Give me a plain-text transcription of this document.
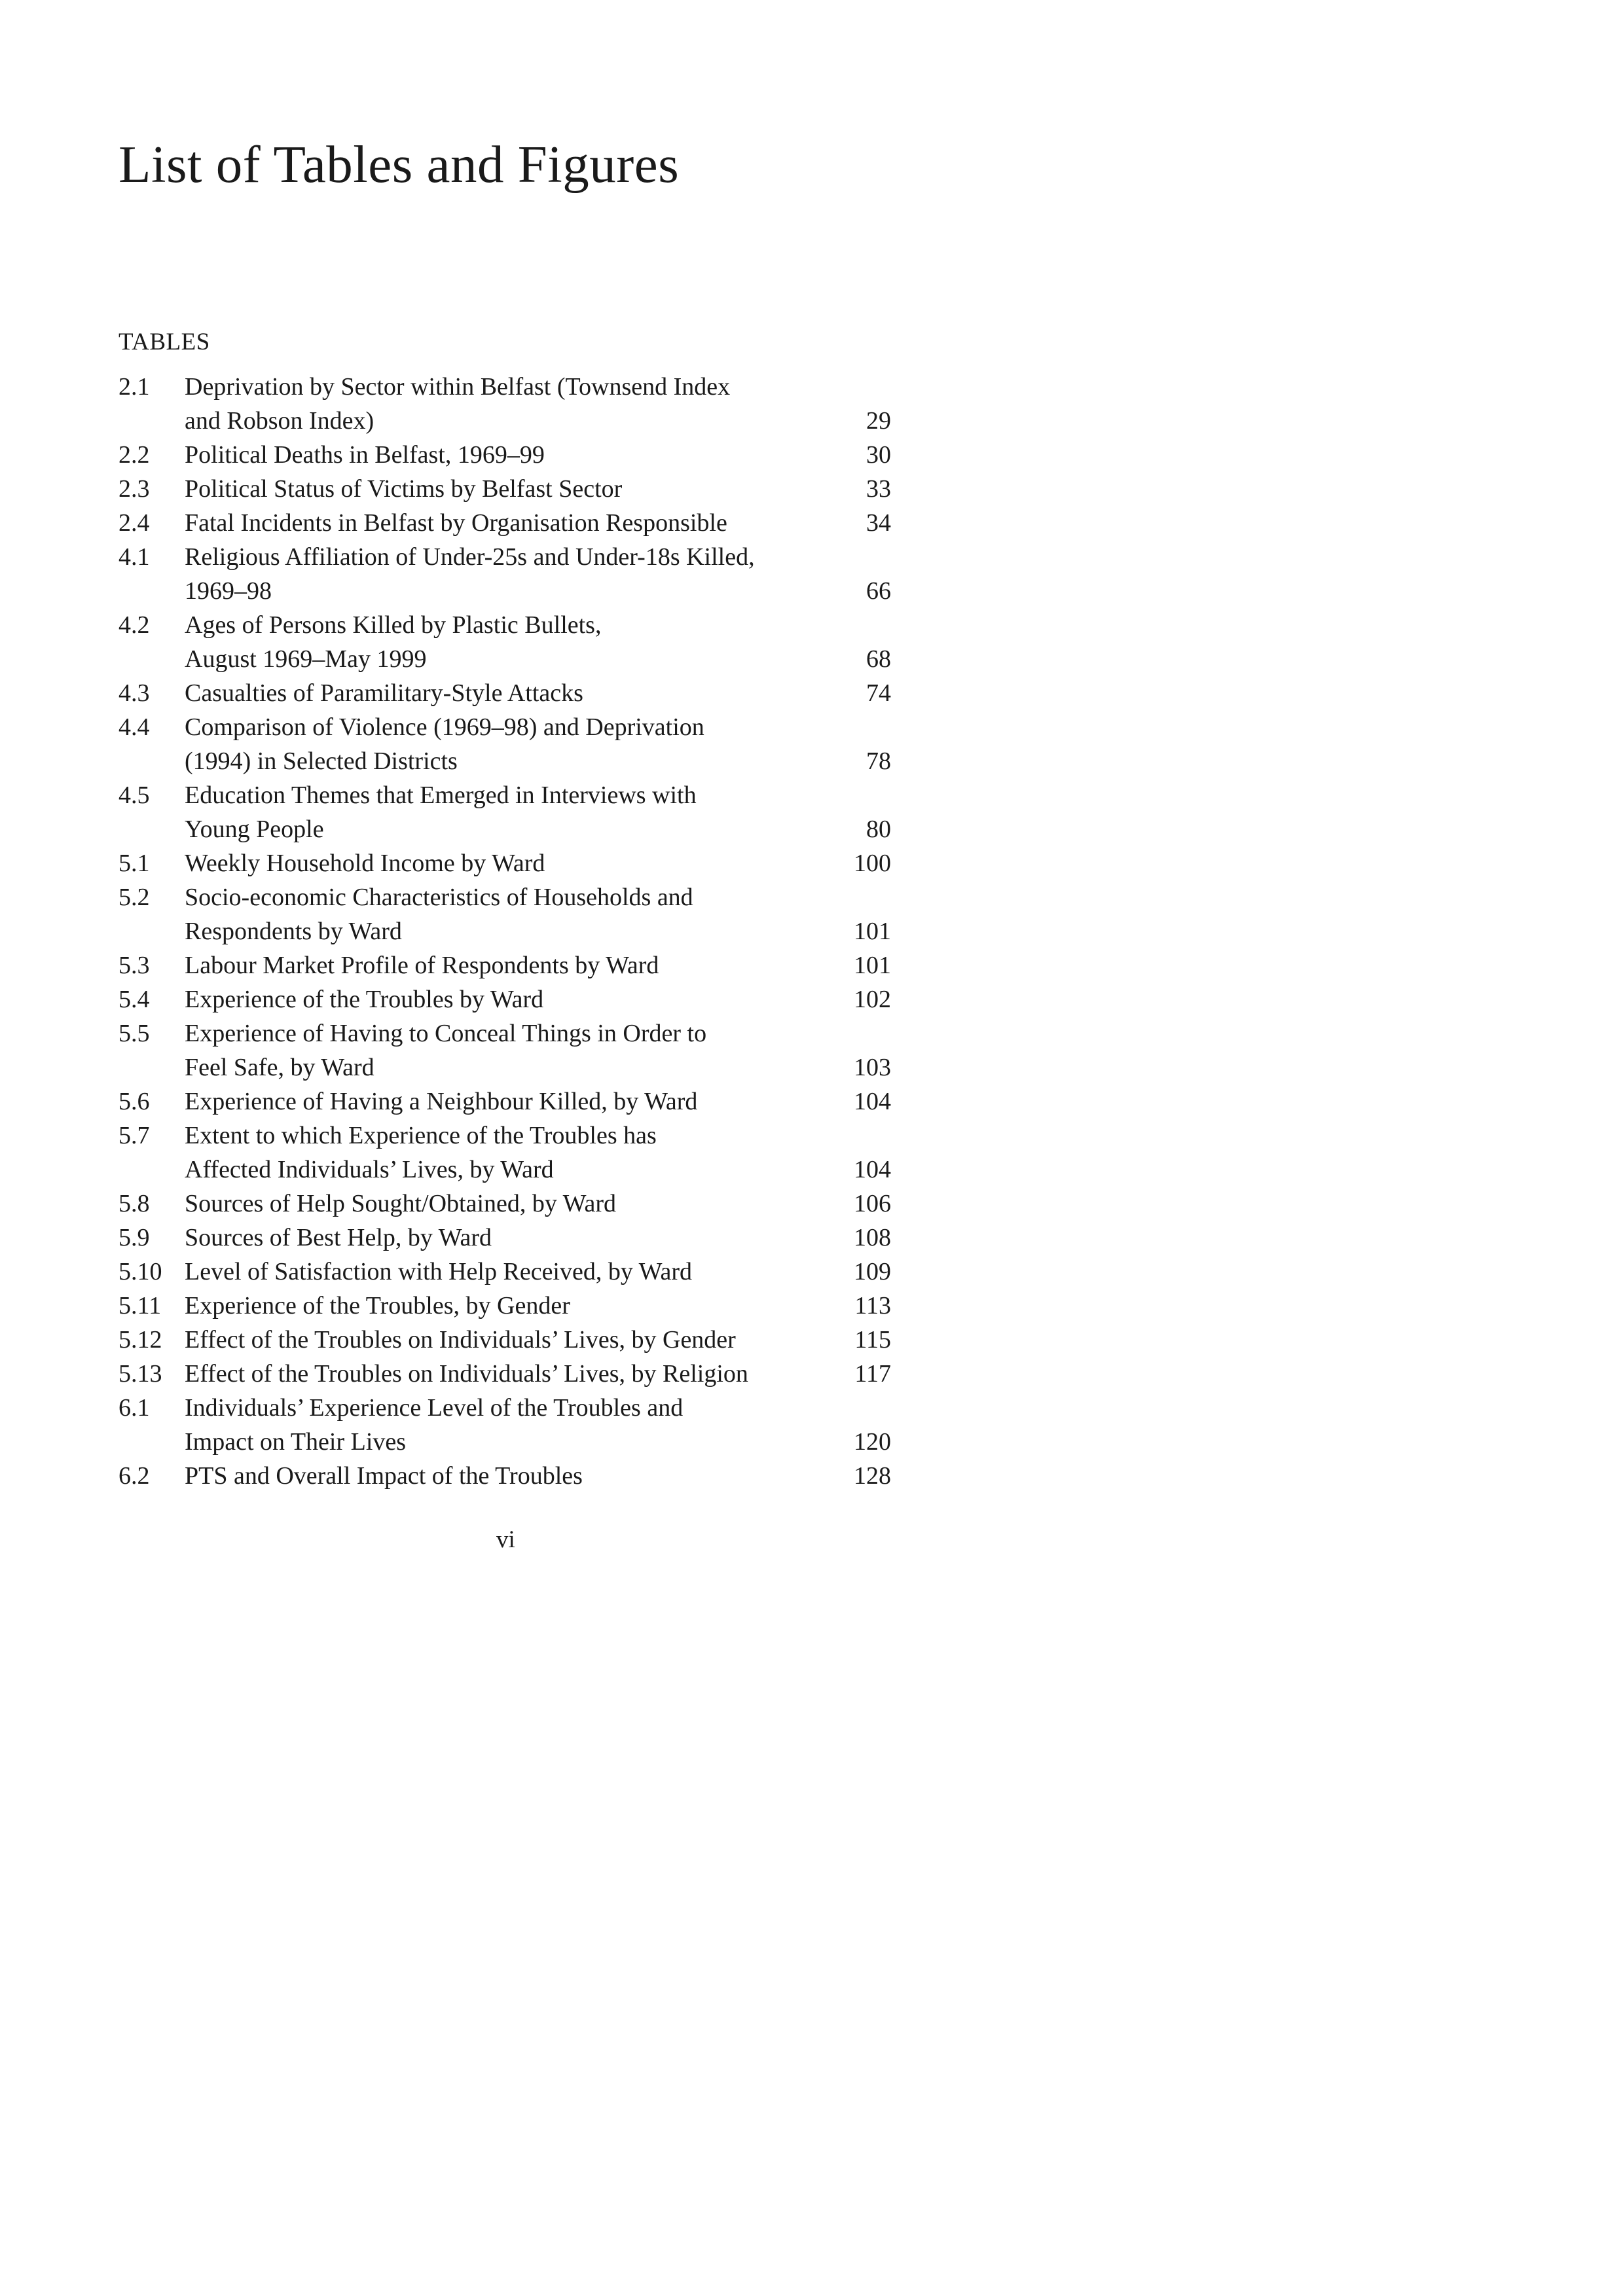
List of Tables and Figures
TABLES
2.1	Deprivation by Sector within Belfast (Townsend Index
and Robson Index)	29
2.2	Political Deaths in Belfast, 1969–99	30
2.3	Political Status of Victims by Belfast Sector	33
2.4	Fatal Incidents in Belfast by Organisation Responsible	34
4.1	Religious Affiliation of Under-25s and Under-18s Killed,
1969–98	66
4.2	Ages of Persons Killed by Plastic Bullets,
August 1969–May 1999	68
4.3	Casualties of Paramilitary-Style Attacks	74
4.4	Comparison of Violence (1969–98) and Deprivation
(1994) in Selected Districts	78
4.5	Education Themes that Emerged in Interviews with
Young People	80
5.1	Weekly Household Income by Ward	100
5.2	Socio-economic Characteristics of Households and
Respondents by Ward	101
5.3	Labour Market Profile of Respondents by Ward	101
5.4	Experience of the Troubles by Ward	102
5.5	Experience of Having to Conceal Things in Order to
Feel Safe, by Ward	103
5.6	Experience of Having a Neighbour Killed, by Ward	104
5.7	Extent to which Experience of the Troubles has
Affected Individuals’ Lives, by Ward	104
5.8	Sources of Help Sought/Obtained, by Ward	106
5.9	Sources of Best Help, by Ward	108
5.10 Level of Satisfaction with Help Received, by Ward	109
5.11 Experience of the Troubles, by Gender	113
5.12 Effect of the Troubles on Individuals’ Lives, by Gender	115
5.13 Effect of the Troubles on Individuals’ Lives, by Religion	117
6.1	Individuals’ Experience Level of the Troubles and
Impact on Their Lives	120
6.2	PTS and Overall Impact of the Troubles	128
vi
